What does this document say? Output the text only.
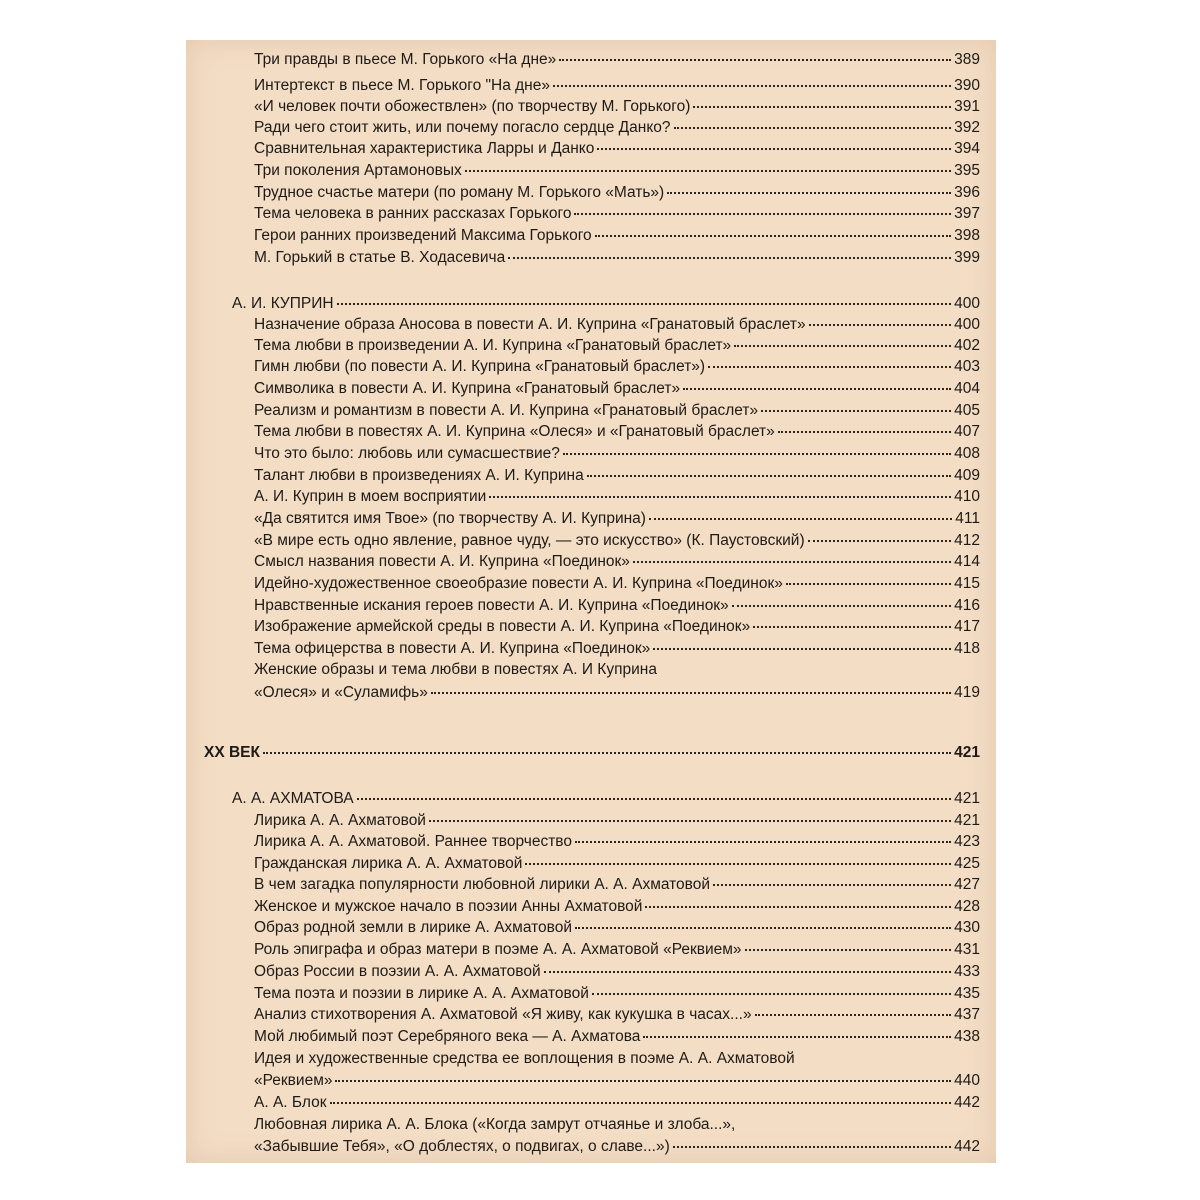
Три правды в пьесе М. Горького «На дне»	389
Интертекст в пьесе М. Горького "На дне»	390
«И человек почти обожествлен» (по творчеству М. Горького)	391
Ради чего стоит жить, или почему погасло сердце Данко?	392
Сравнительная характеристика Ларры и Данко	394
Три поколения Артамоновых	395
Трудное счастье матери (по роману М. Горького «Мать»)	396
Тема человека в ранних рассказах Горького	397
Герои ранних произведений Максима Горького	398
М. Горький в статье В. Ходасевича	399
А. И. КУПРИН	400
Назначение образа Аносова в повести А. И. Куприна «Гранатовый браслет»	400
Тема любви в произведении А. И. Куприна «Гранатовый браслет»	402
Гимн любви (по повести А. И. Куприна «Гранатовый браслет»)	403
Символика в повести А. И. Куприна «Гранатовый браслет»	404
Реализм и романтизм в повести А. И. Куприна «Гранатовый браслет»	405
Тема любви в повестях А. И. Куприна «Олеся» и «Гранатовый браслет»	407
Что это было: любовь или сумасшествие?	408
Талант любви в произведениях А. И. Куприна	409
А. И. Куприн в моем восприятии	410
«Да святится имя Твое» (по творчеству А. И. Куприна)	411
«В мире есть одно явление, равное чуду, — это искусство» (К. Паустовский)	412
Смысл названия повести А. И. Куприна «Поединок»	414
Идейно-художественное своеобразие повести А. И. Куприна «Поединок»	415
Нравственные искания героев повести А. И. Куприна «Поединок»	416
Изображение армейской среды в повести А. И. Куприна «Поединок»	417
Тема офицерства в повести А. И. Куприна «Поединок»	418
Женские образы и тема любви в повестях А. И Куприна
«Олеся» и «Суламифь»	419
XX ВЕК	421
А. А. АХМАТОВА	421
Лирика А. А. Ахматовой	421
Лирика А. А. Ахматовой. Раннее творчество	423
Гражданская лирика А. А. Ахматовой	425
В чем загадка популярности любовной лирики А. А. Ахматовой	427
Женское и мужское начало в поэзии Анны Ахматовой	428
Образ родной земли в лирике А. Ахматовой	430
Роль эпиграфа и образ матери в поэме А. А. Ахматовой «Реквием»	431
Образ России в поэзии А. А. Ахматовой	433
Тема поэта и поэзии в лирике А. А. Ахматовой	435
Анализ стихотворения А. Ахматовой «Я живу, как кукушка в часах...»	437
Мой любимый поэт Серебряного века — А. Ахматова	438
Идея и художественные средства ее воплощения в поэме А. А. Ахматовой
«Реквием»	440
А. А. Блок	442
Любовная лирика А. А. Блока («Когда замрут отчаянье и злоба...»,
«Забывшие Тебя», «О доблестях, о подвигах, о славе...»)	442
